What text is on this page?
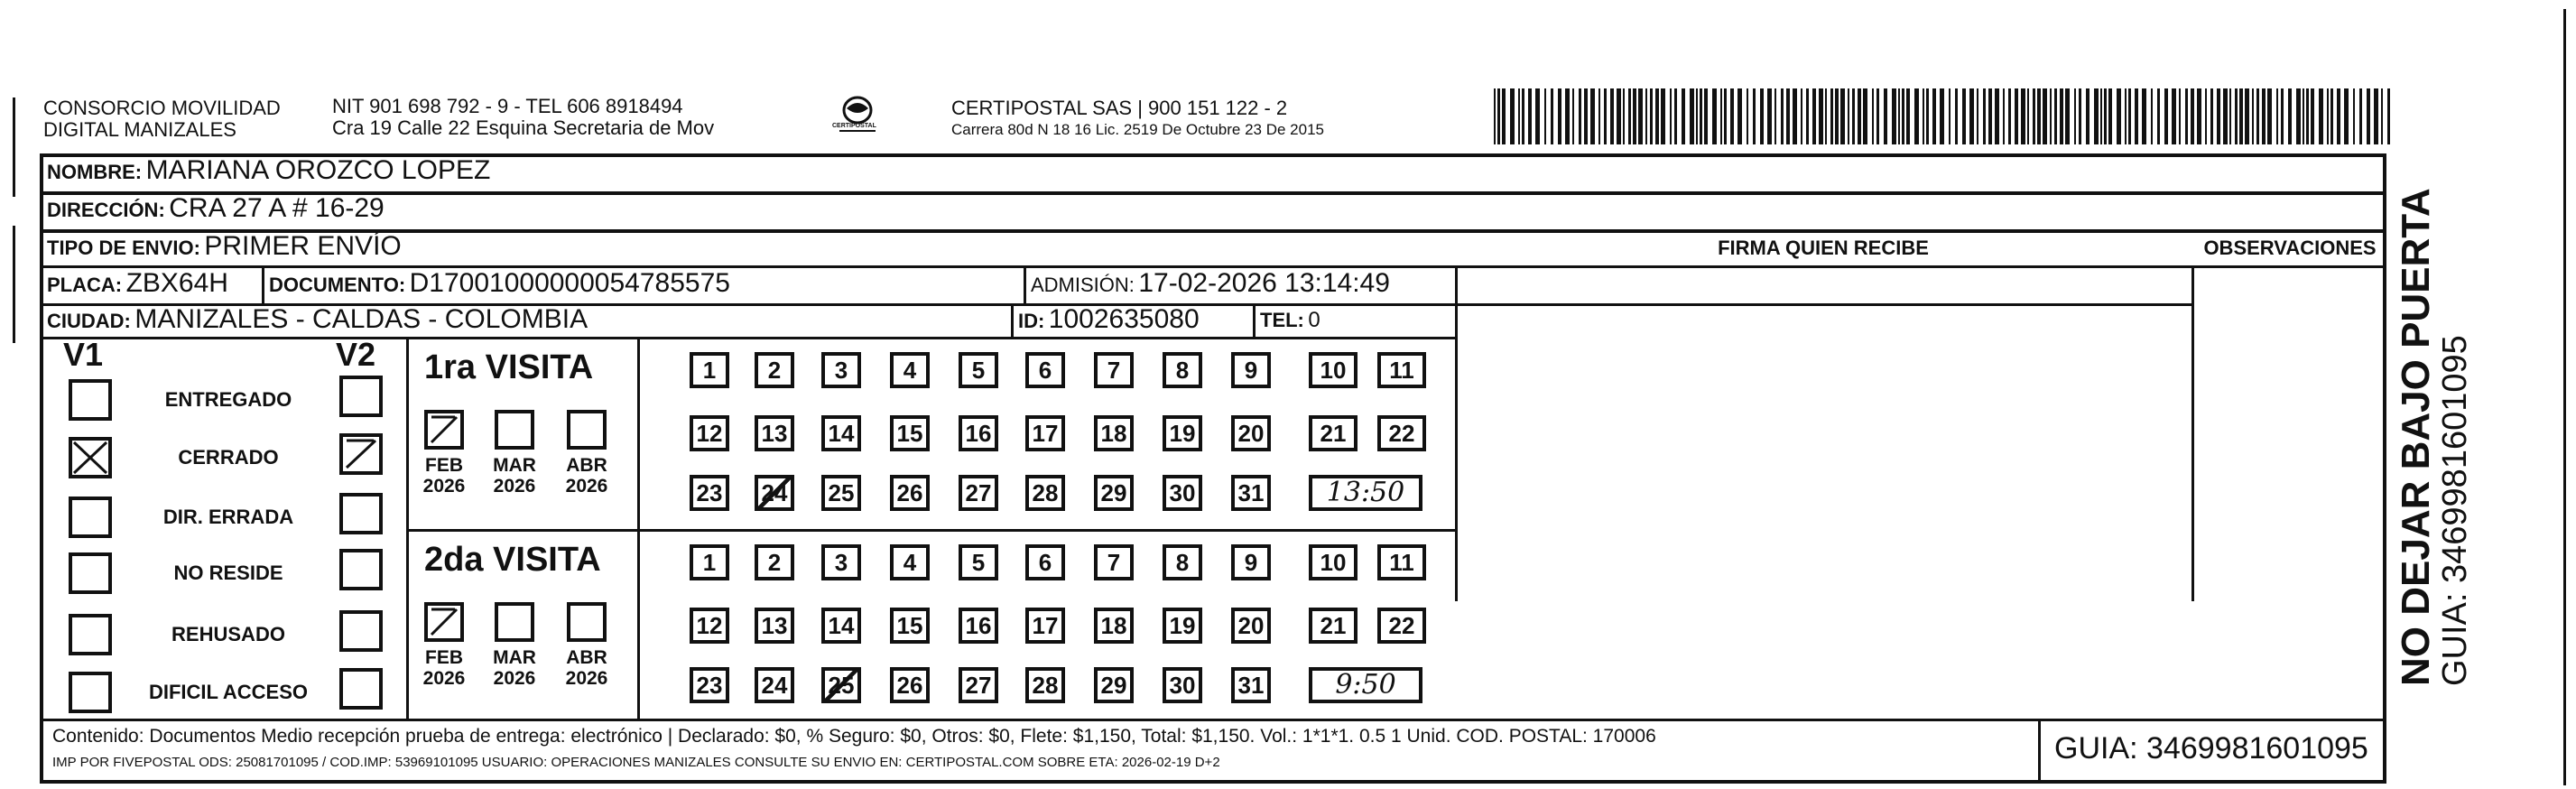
CONSORCIO MOVILIDAD
DIGITAL MANIZALES
NIT 901 698 792 - 9 - TEL 606 8918494
Cra 19 Calle 22 Esquina Secretaria de Mov	CERTIPOSTAL
CERTIPOSTAL SAS | 900 151 122 - 2
Carrera 80d N 18 16 Lic. 2519 De Octubre 23 De 2015
NOMBRE: MARIANA OROZCO LOPEZ
DIRECCIÓN: CRA 27 A # 16-29
TIPO DE ENVIO: PRIMER ENVÍO	FIRMA QUIEN RECIBE	OBSERVACIONES
PLACA: ZBX64H DOCUMENTO: D17001000000054785575	ADMISIÓN: 17-02-2026 13:14:49
CIUDAD: MANIZALES - CALDAS - COLOMBIA	ID: 1002635080	TEL: 0
V1	V2
ENTREGADO
CERRADO
DIR. ERRADA
NO RESIDE
REHUSADO
DIFICIL ACCESO
1ra VISITA
FEB
2026
MAR
2026
ABR
2026
1	2	3	4	5	6	7	8	9	10	11
12 13 14 15 16 17 18 19 20	21	22
23 24 25 26 27 28 29 30 31	13:50
2da VISITA
FEB
2026
MAR
2026
ABR
2026
1	2	3	4	5	6	7	8	9	10	11
12 13 14 15 16 17 18 19 20	21	22
23 24 25 26 27 28 29 30 31	9:50
Contenido: Documentos Medio recepción prueba de entrega: electrónico | Declarado: $0, % Seguro: $0, Otros: $0, Flete: $1,150, Total: $1,150. Vol.: 1*1*1. 0.5 1 Unid. COD. POSTAL: 170006
IMP POR FIVEPOSTAL ODS: 25081701095 / COD.IMP: 53969101095 USUARIO: OPERACIONES MANIZALES CONSULTE SU ENVIO EN: CERTIPOSTAL.COM SOBRE ETA: 2026-02-19 D+2	GUIA: 3469981601095
NO DEJAR BAJO PUERTA
GUIA: 3469981601095
